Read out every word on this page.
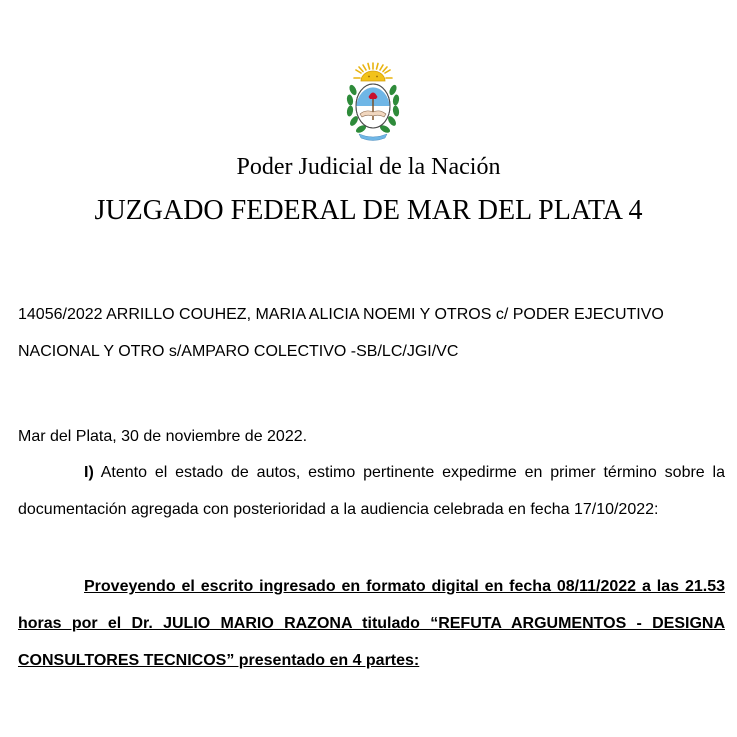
Poder Judicial de la Nación
JUZGADO FEDERAL DE MAR DEL PLATA 4

14056/2022 ARRILLO COUHEZ, MARIA ALICIA NOEMI Y OTROS c/ PODER EJECUTIVO NACIONAL Y OTRO s/AMPARO COLECTIVO -SB/LC/JGI/VC

Mar del Plata, 30 de noviembre de 2022.

I) Atento el estado de autos, estimo pertinente expedirme en primer término sobre la documentación agregada con posterioridad a la audiencia celebrada en fecha 17/10/2022:

Proveyendo el escrito ingresado en formato digital en fecha 08/11/2022 a las 21.53 horas por el Dr. JULIO MARIO RAZONA titulado “REFUTA ARGUMENTOS - DESIGNA CONSULTORES TECNICOS” presentado en 4 partes:
